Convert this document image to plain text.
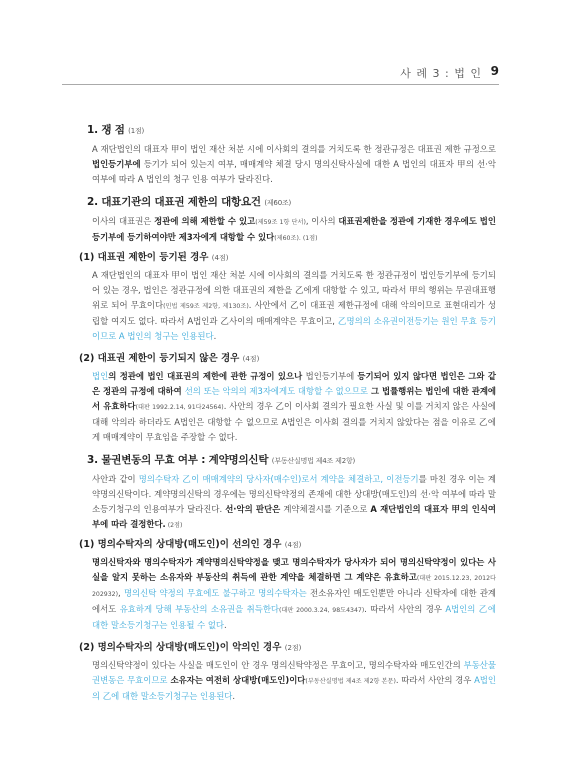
사 례 3 : 법 인 9
1. 쟁 점 (1점)

A 재단법인의 대표자 甲이 법인 재산 처분 시에 이사회의 결의를 거치도록 한 정관규정은 대표권 제한 규정으로 법인등기부에 등기가 되어 있는지 여부, 매매계약 체결 당시 명의신탁사실에 대한 A 법인의 대표자 甲의 선·악 여부에 따라 A 법인의 청구 인용 여부가 달라진다.

2. 대표기관의 대표권 제한의 대항요건 (제60조)

이사의 대표권은 정관에 의해 제한할 수 있고(제59조 1항 단서), 이사의 대표권제한을 정관에 기재한 경우에도 법인등기부에 등기하여야만 제3자에게 대항할 수 있다(제60조). (1점)

(1) 대표권 제한이 등기된 경우 (4점)

A 재단법인의 대표자 甲이 법인 재산 처분 시에 이사회의 결의를 거치도록 한 정관규정이 법인등기부에 등기되어 있는 경우, 법인은 정관규정에 의한 대표권의 제한을 乙에게 대항할 수 있고, 따라서 甲의 행위는 무권대표행위로 되어 무효이다(민법 제59조 제2항, 제130조). 사안에서 乙이 대표권 제한규정에 대해 악의이므로 표현대리가 성립할 여지도 없다. 따라서 A법인과 乙사이의 매매계약은 무효이고, 乙명의의 소유권이전등기는 원인 무효 등기이므로 A 법인의 청구는 인용된다.

(2) 대표권 제한이 등기되지 않은 경우 (4점)

법인의 정관에 법인 대표권의 제한에 관한 규정이 있으나 법인등기부에 등기되어 있지 않다면 법인은 그와 같은 정관의 규정에 대하여 선의 또는 악의의 제3자에게도 대항할 수 없으므로 그 법률행위는 법인에 대한 관계에서 유효하다(대판 1992.2.14, 91다24564). 사안의 경우 乙이 이사회 결의가 필요한 사실 및 이를 거치지 않은 사실에 대해 악의라 하더라도 A법인은 대항할 수 없으므로 A법인은 이사회 결의를 거치지 않았다는 점을 이유로 乙에게 매매계약이 무효임을 주장할 수 없다.

3. 물권변동의 무효 여부 : 계약명의신탁 (부동산실명법 제4조 제2항)

사안과 같이 명의수탁자 乙이 매매계약의 당사자(매수인)로서 계약을 체결하고, 이전등기를 마친 경우 이는 계약명의신탁이다. 계약명의신탁의 경우에는 명의신탁약정의 존재에 대한 상대방(매도인)의 선·악 여부에 따라 말소등기청구의 인용여부가 달라진다. 선·악의 판단은 계약체결시를 기준으로 A 재단법인의 대표자 甲의 인식여부에 따라 결정한다. (2점)

(1) 명의수탁자의 상대방(매도인)이 선의인 경우 (4점)

명의신탁자와 명의수탁자가 계약명의신탁약정을 맺고 명의수탁자가 당사자가 되어 명의신탁약정이 있다는 사실을 알지 못하는 소유자와 부동산의 취득에 관한 계약을 체결하면 그 계약은 유효하고(대판 2015.12.23, 2012다202932), 명의신탁 약정의 무효에도 불구하고 명의수탁자는 전소유자인 매도인뿐만 아니라 신탁자에 대한 관계에서도 유효하게 당해 부동산의 소유권을 취득한다(대판 2000.3.24, 98도4347). 따라서 사안의 경우 A법인의 乙에 대한 말소등기청구는 인용될 수 없다.

(2) 명의수탁자의 상대방(매도인)이 악의인 경우 (2점)

명의신탁약정이 있다는 사실을 매도인이 안 경우 명의신탁약정은 무효이고, 명의수탁자와 매도인간의 부동산물권변동은 무효이므로 소유자는 여전히 상대방(매도인)이다(부동산실명법 제4조 제2항 본문). 따라서 사안의 경우 A법인의 乙에 대한 말소등기청구는 인용된다.
